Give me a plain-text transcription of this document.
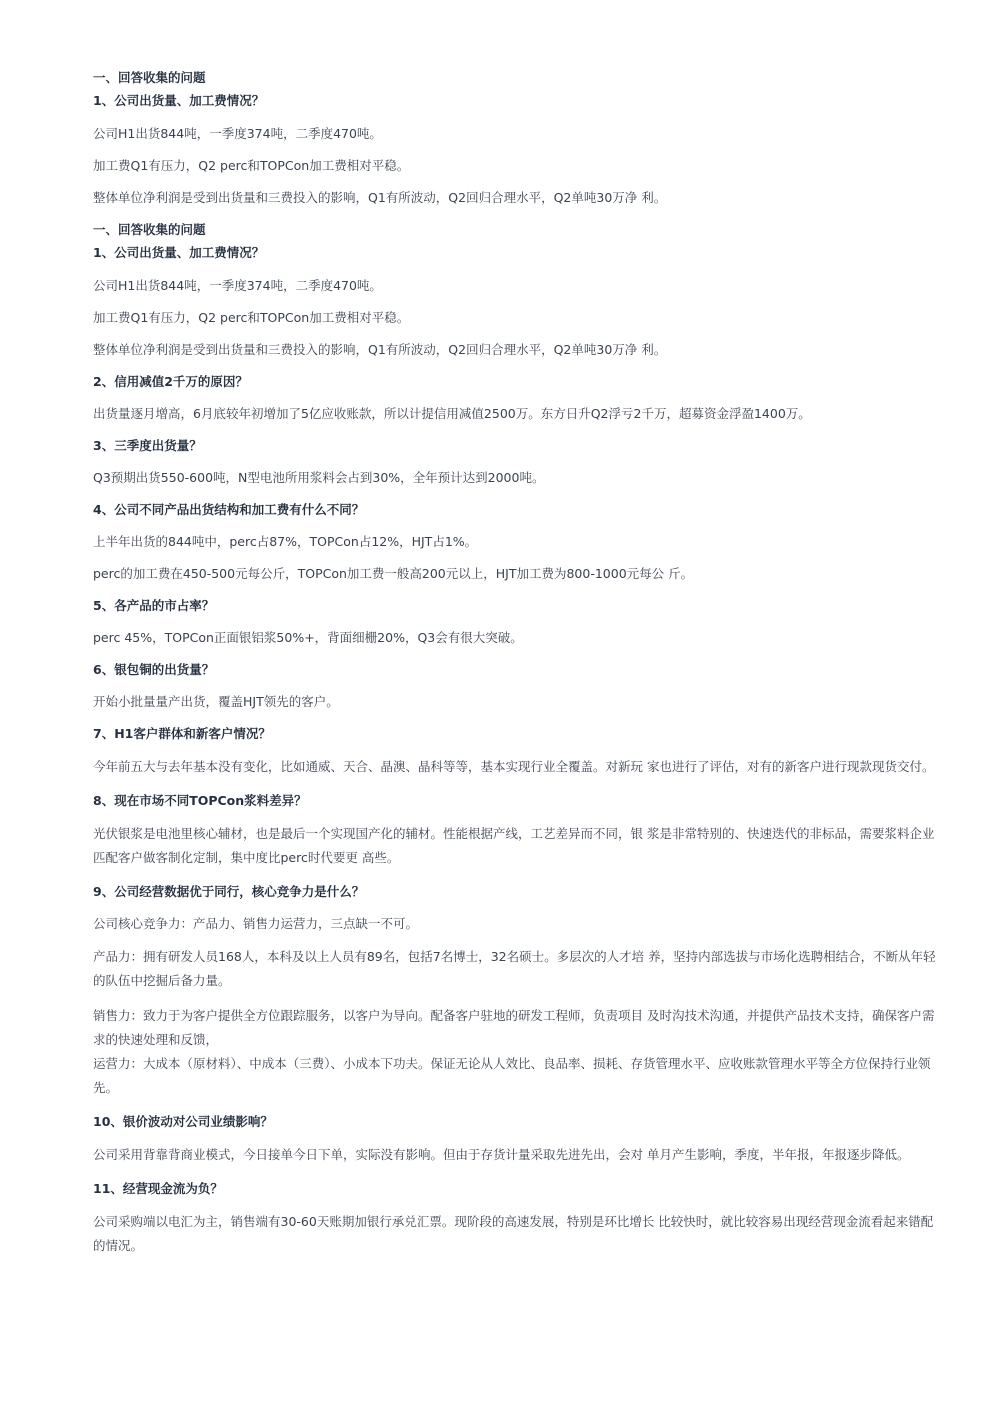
一、回答收集的问题
1、公司出货量、加工费情况？
公司H1出货844吨，一季度374吨，二季度470吨。
加工费Q1有压力，Q2 perc和TOPCon加工费相对平稳。
整体单位净利润是受到出货量和三费投入的影响，Q1有所波动，Q2回归合理水平，Q2单吨30万净 利。
一、回答收集的问题
1、公司出货量、加工费情况？
公司H1出货844吨，一季度374吨，二季度470吨。
加工费Q1有压力，Q2 perc和TOPCon加工费相对平稳。
整体单位净利润是受到出货量和三费投入的影响，Q1有所波动，Q2回归合理水平，Q2单吨30万净 利。
2、信用减值2千万的原因？
出货量逐月增高，6月底较年初增加了5亿应收账款，所以计提信用减值2500万。东方日升Q2浮亏2千万，超募资金浮盈1400万。
3、三季度出货量？
Q3预期出货550-600吨，N型电池所用浆料会占到30%，全年预计达到2000吨。
4、公司不同产品出货结构和加工费有什么不同？
上半年出货的844吨中，perc占87%，TOPCon占12%，HJT占1%。
perc的加工费在450-500元每公斤，TOPCon加工费一般高200元以上，HJT加工费为800-1000元每公 斤。
5、各产品的市占率？
perc 45%，TOPCon正面银铝浆50%+，背面细栅20%，Q3会有很大突破。
6、银包铜的出货量？
开始小批量量产出货，覆盖HJT领先的客户。
7、H1客户群体和新客户情况？
今年前五大与去年基本没有变化，比如通威、天合、晶澳、晶科等等，基本实现行业全覆盖。对新玩 家也进行了评估，对有的新客户进行现款现货交付。
8、现在市场不同TOPCon浆料差异？
光伏银浆是电池里核心辅材，也是最后一个实现国产化的辅材。性能根据产线，工艺差异而不同，银 浆是非常特别的、快速迭代的非标品，需要浆料企业匹配客户做客制化定制，集中度比perc时代要更 高些。
9、公司经营数据优于同行，核心竞争力是什么？
公司核心竞争力：产品力、销售力运营力，三点缺一不可。
产品力：拥有研发人员168人，本科及以上人员有89名，包括7名博士，32名硕士。多层次的人才培 养，坚持内部选拔与市场化选聘相结合，不断从年轻的队伍中挖掘后备力量。
销售力：致力于为客户提供全方位跟踪服务，以客户为导向。配备客户驻地的研发工程师，负责项目 及时沟技术沟通，并提供产品技术支持，确保客户需求的快速处理和反馈，
运营力：大成本（原材料）、中成本（三费）、小成本下功夫。保证无论从人效比、良品率、损耗、存货管理水平、应收账款管理水平等全方位保持行业领先。
10、银价波动对公司业绩影响？
公司采用背靠背商业模式，今日接单今日下单，实际没有影响。但由于存货计量采取先进先出，会对 单月产生影响，季度，半年报，年报逐步降低。
11、经营现金流为负？
公司采购端以电汇为主，销售端有30-60天账期加银行承兑汇票。现阶段的高速发展，特别是环比增长 比较快时，就比较容易出现经营现金流看起来错配的情况。
